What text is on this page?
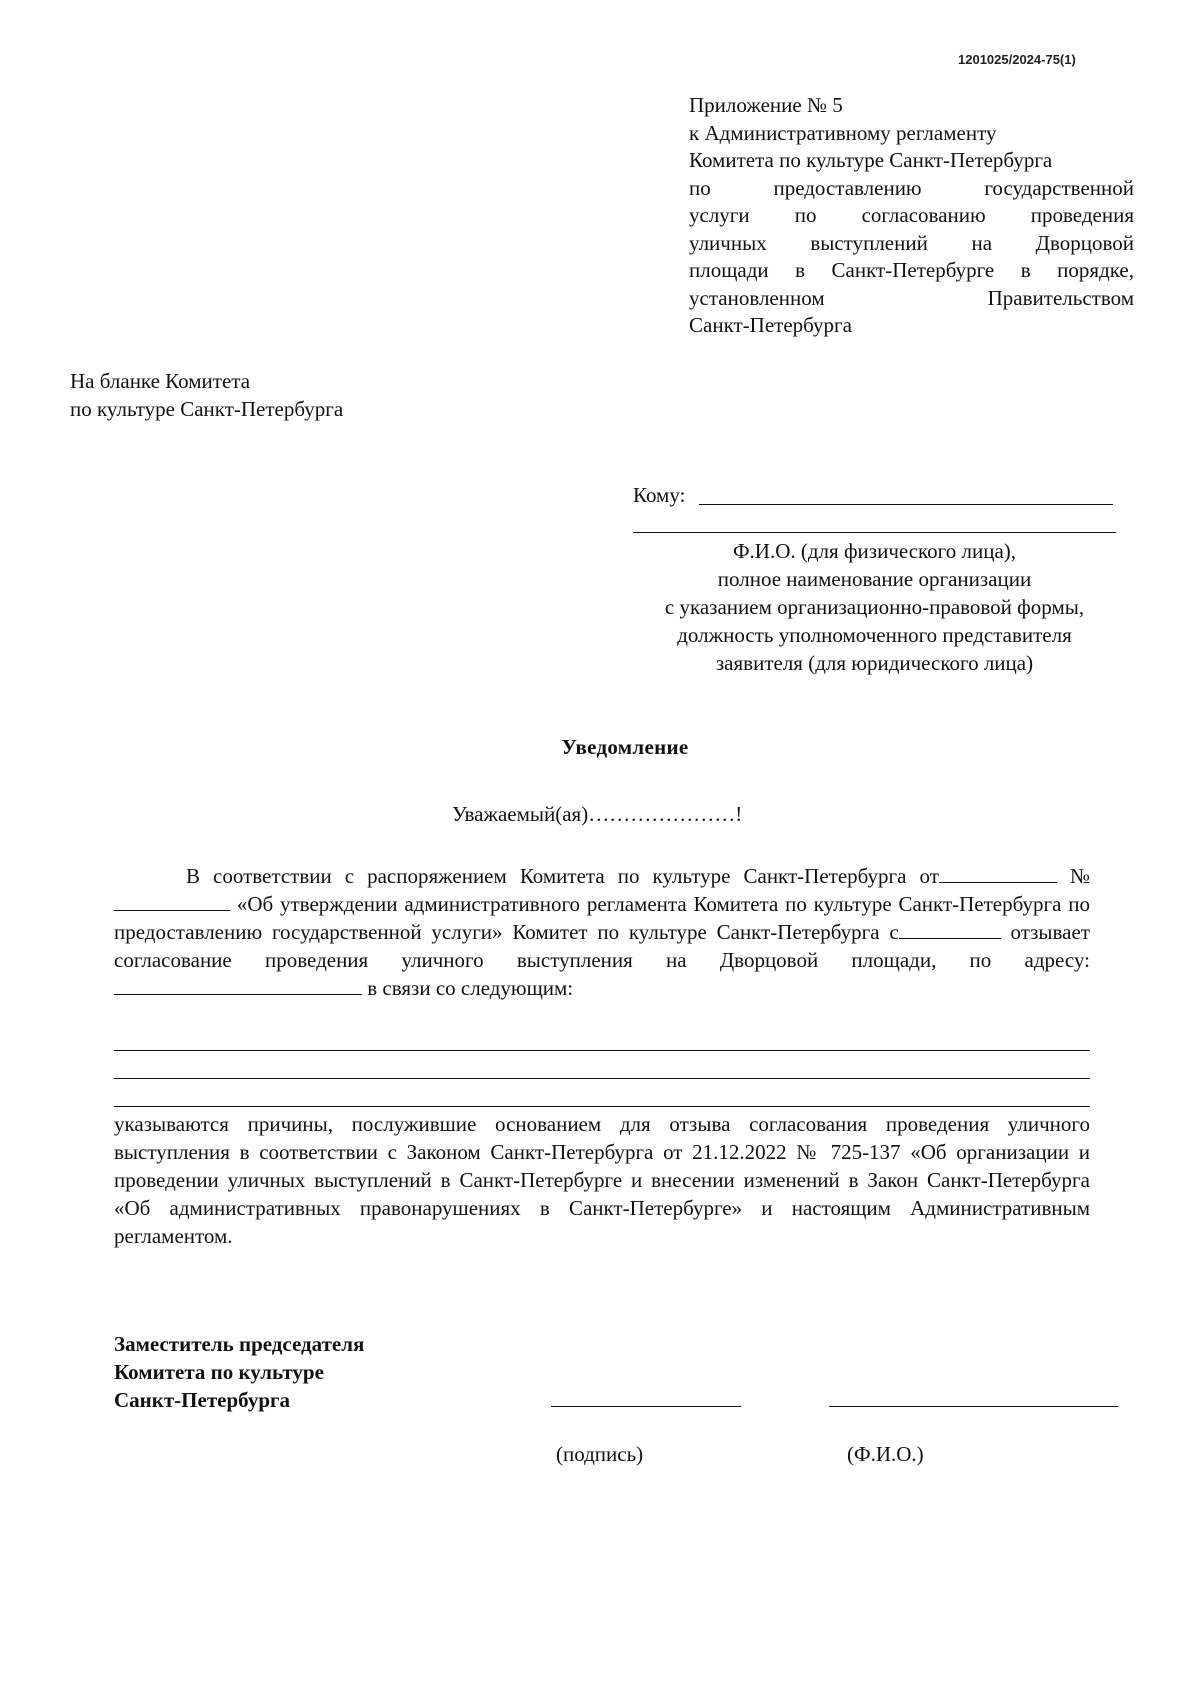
1201025/2024-75(1)
Приложение № 5
к Административному регламенту
Комитета по культуре Санкт-Петербурга
по предоставлению государственной
услуги по согласованию проведения
уличных выступлений на Дворцовой
площади в Санкт-Петербурге в порядке,
установленном Правительством
Санкт-Петербурга
На бланке Комитета
по культуре Санкт-Петербурга
Кому:
Ф.И.О. (для физического лица),
полное наименование организации
с указанием организационно-правовой формы,
должность уполномоченного представителя
заявителя (для юридического лица)
Уведомление
Уважаемый(ая)…………………!
В соответствии с распоряжением Комитета по культуре Санкт-Петербурга от	№  «Об утверждении административного регламента Комитета по культуре Санкт-Петербурга по предоставлению государственной услуги» Комитет по культуре Санкт-Петербурга с	отзывает согласование проведения уличного выступления на Дворцовой площади, по адресу: в связи со следующим:
указываются причины, послужившие основанием для отзыва согласования проведения уличного выступления в соответствии с Законом Санкт-Петербурга от 21.12.2022 № 725-137 «Об организации и проведении уличных выступлений в Санкт-Петербурге и внесении изменений в Закон Санкт-Петербурга «Об административных правонарушениях в Санкт-Петербурге» и настоящим Административным регламентом.
Заместитель председателя
Комитета по культуре
Санкт-Петербурга
(подпись)	(Ф.И.О.)
